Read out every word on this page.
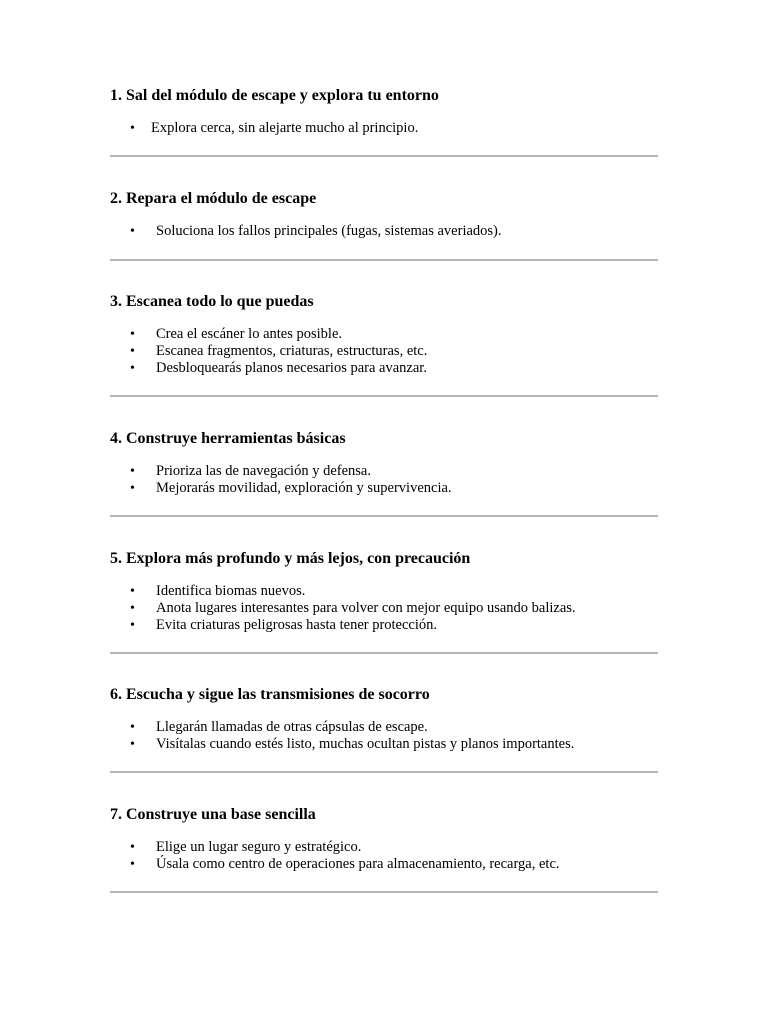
1. Sal del módulo de escape y explora tu entorno
• Explora cerca, sin alejarte mucho al principio.
2. Repara el módulo de escape
• Soluciona los fallos principales (fugas, sistemas averiados).
3. Escanea todo lo que puedas
• Crea el escáner lo antes posible.
• Escanea fragmentos, criaturas, estructuras, etc.
• Desbloquearás planos necesarios para avanzar.
4. Construye herramientas básicas
• Prioriza las de navegación y defensa.
• Mejorarás movilidad, exploración y supervivencia.
5. Explora más profundo y más lejos, con precaución
• Identifica biomas nuevos.
• Anota lugares interesantes para volver con mejor equipo usando balizas.
• Evita criaturas peligrosas hasta tener protección.
6. Escucha y sigue las transmisiones de socorro
• Llegarán llamadas de otras cápsulas de escape.
• Visítalas cuando estés listo, muchas ocultan pistas y planos importantes.
7. Construye una base sencilla
• Elige un lugar seguro y estratégico.
• Úsala como centro de operaciones para almacenamiento, recarga, etc.
